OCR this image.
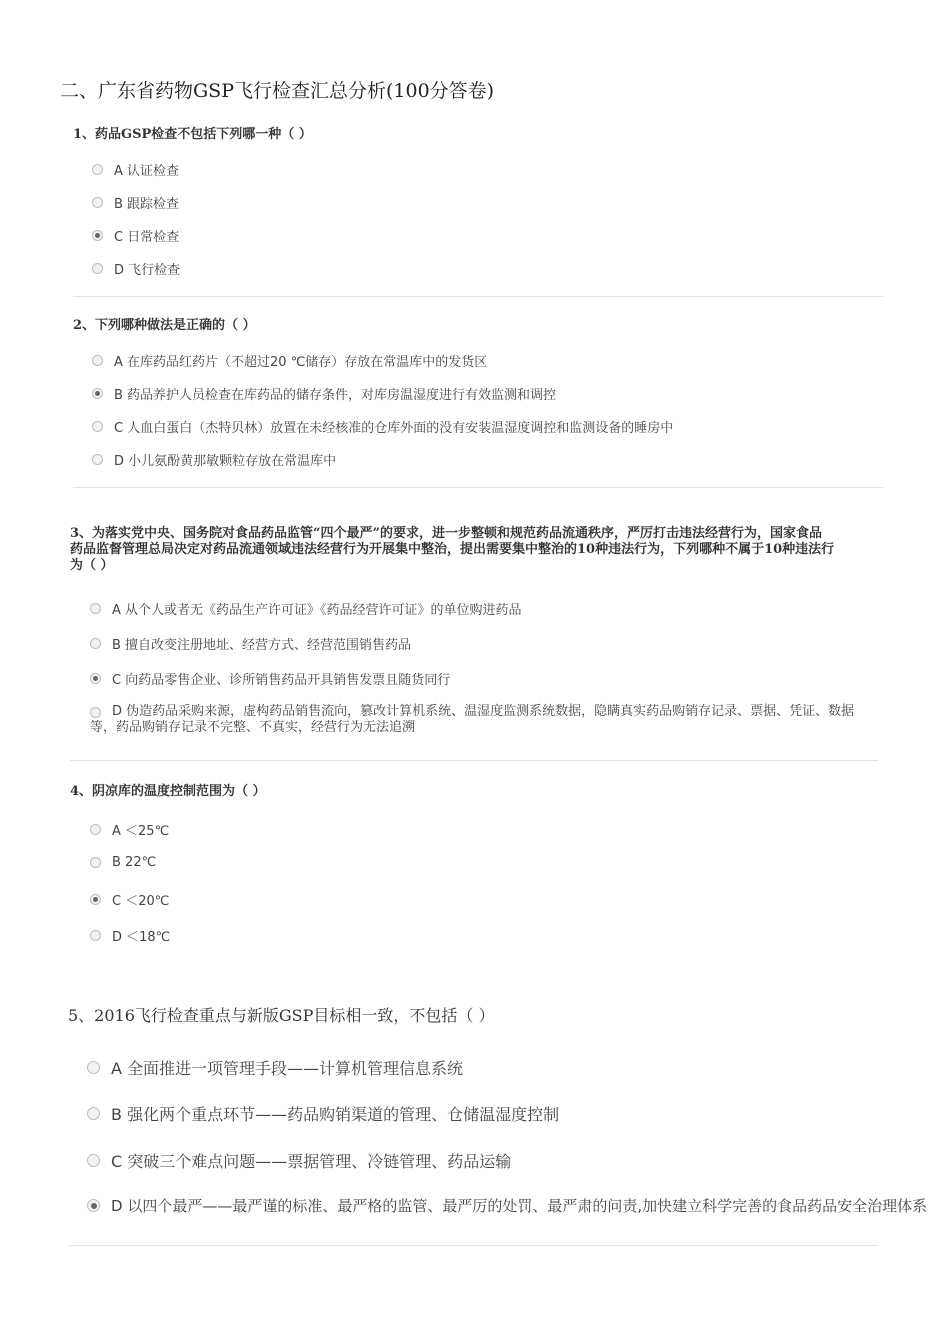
二、广东省药物GSP飞行检查汇总分析(100分答卷)
1、药品GSP检查不包括下列哪一种（ ）
A 认证检查
B 跟踪检查
C 日常检查
D 飞行检查
2、下列哪种做法是正确的（ ）
A 在库药品红药片（不超过20 ℃储存）存放在常温库中的发货区
B 药品养护人员检查在库药品的储存条件，对库房温湿度进行有效监测和调控
C 人血白蛋白（杰特贝林）放置在未经核准的仓库外面的没有安装温湿度调控和监测设备的睡房中
D 小儿氨酚黄那敏颗粒存放在常温库中
3、为落实党中央、国务院对食品药品监管“四个最严”的要求，进一步整顿和规范药品流通秩序，严厉打击违法经营行为，国家食品
药品监督管理总局决定对药品流通领域违法经营行为开展集中整治，提出需要集中整治的10种违法行为，下列哪种不属于10种违法行
为（ ）
A 从个人或者无《药品生产许可证》《药品经营许可证》的单位购进药品
B 擅自改变注册地址、经营方式、经营范围销售药品
C 向药品零售企业、诊所销售药品开具销售发票且随货同行
D 伪造药品采购来源，虚构药品销售流向，篡改计算机系统、温湿度监测系统数据，隐瞒真实药品购销存记录、票据、凭证、数据
等，药品购销存记录不完整、不真实，经营行为无法追溯
4、阴凉库的温度控制范围为（ ）
A ＜25℃
B 22℃
C ＜20℃
D ＜18℃
5、2016飞行检查重点与新版GSP目标相一致，不包括（ ）
A 全面推进一项管理手段——计算机管理信息系统
B 强化两个重点环节——药品购销渠道的管理、仓储温湿度控制
C 突破三个难点问题——票据管理、冷链管理、药品运输
D 以四个最严——最严谨的标准、最严格的监管、最严厉的处罚、最严肃的问责,加快建立科学完善的食品药品安全治理体系
